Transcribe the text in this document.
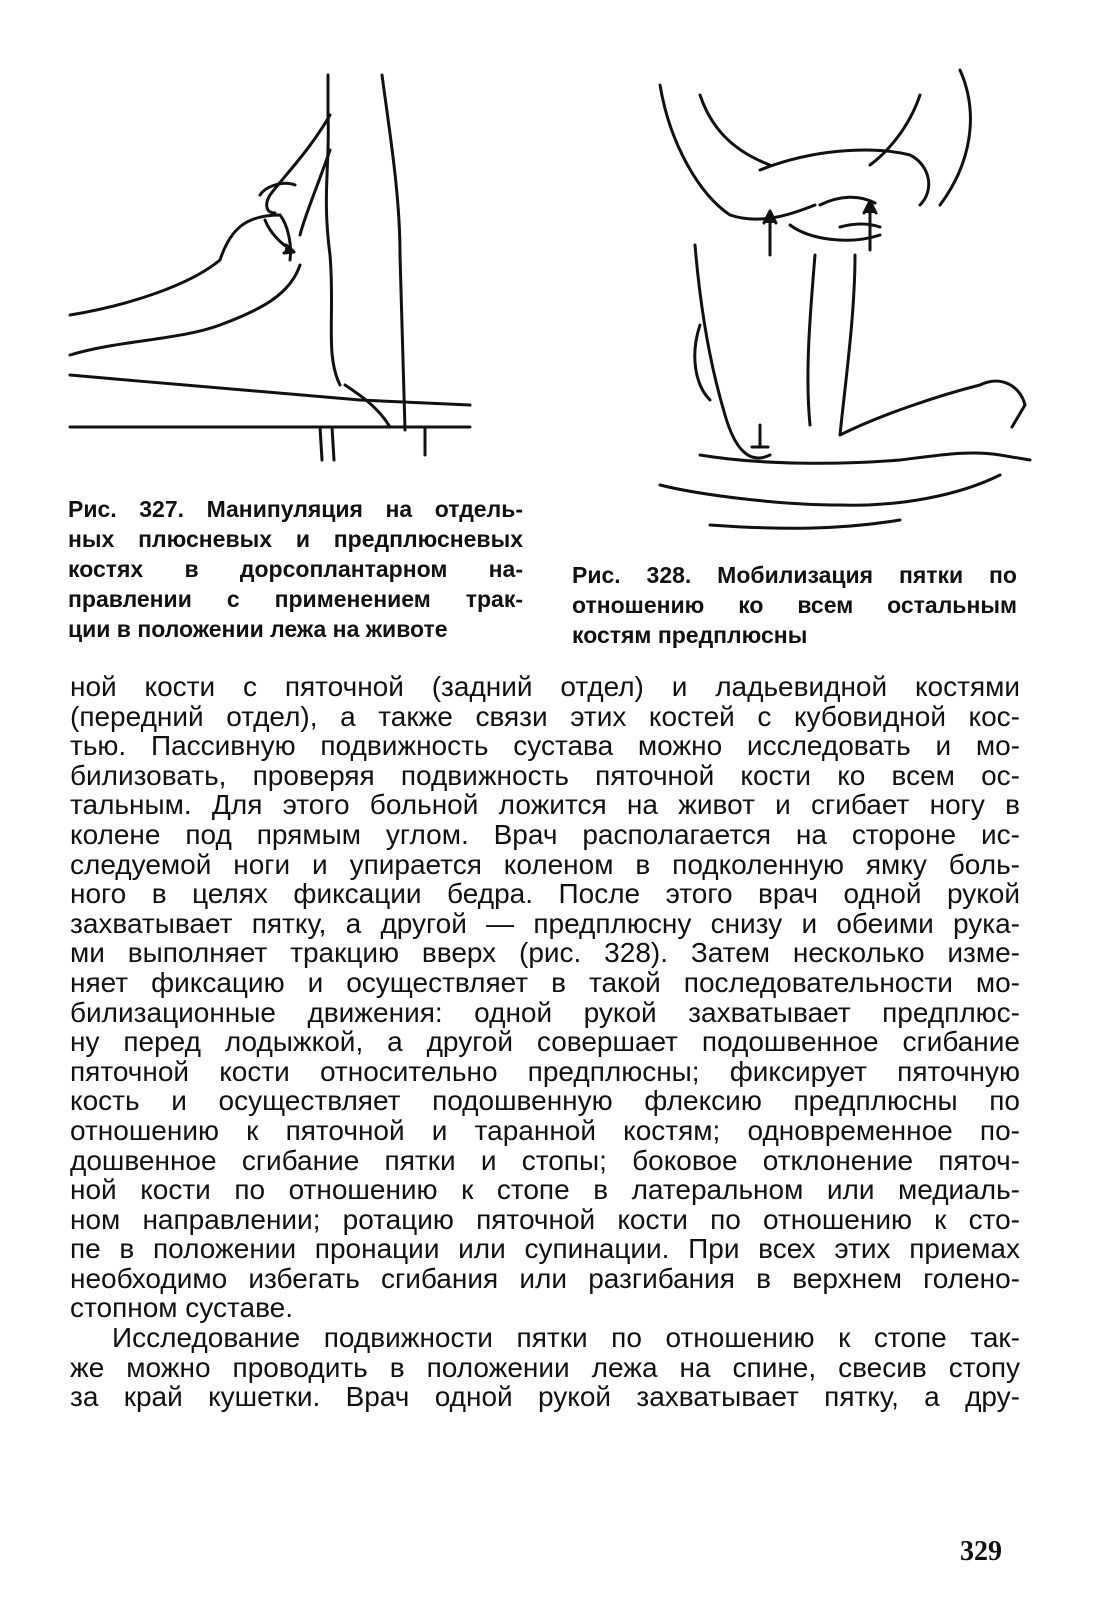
Рис. 327. Манипуляция на отдель-
ных плюсневых и предплюсневых
костях в дорсоплантарном на-
правлении с применением трак-
ции в положении лежа на животе
Рис. 328. Мобилизация пятки по
отношению ко всем остальным
костям предплюсны
ной кости с пяточной (задний отдел) и ладьевидной костями
(передний отдел), а также связи этих костей с кубовидной кос-
тью. Пассивную подвижность сустава можно исследовать и мо-
билизовать, проверяя подвижность пяточной кости ко всем ос-
тальным. Для этого больной ложится на живот и сгибает ногу в
колене под прямым углом. Врач располагается на стороне ис-
следуемой ноги и упирается коленом в подколенную ямку боль-
ного в целях фиксации бедра. После этого врач одной рукой
захватывает пятку, а другой — предплюсну снизу и обеими рука-
ми выполняет тракцию вверх (рис. 328). Затем несколько изме-
няет фиксацию и осуществляет в такой последовательности мо-
билизационные движения: одной рукой захватывает предплюс-
ну перед лодыжкой, а другой совершает подошвенное сгибание
пяточной кости относительно предплюсны; фиксирует пяточную
кость и осуществляет подошвенную флексию предплюсны по
отношению к пяточной и таранной костям; одновременное по-
дошвенное сгибание пятки и стопы; боковое отклонение пяточ-
ной кости по отношению к стопе в латеральном или медиаль-
ном направлении; ротацию пяточной кости по отношению к сто-
пе в положении пронации или супинации. При всех этих приемах
необходимо избегать сгибания или разгибания в верхнем голено-
стопном суставе.
Исследование подвижности пятки по отношению к стопе так-
же можно проводить в положении лежа на спине, свесив стопу
за край кушетки. Врач одной рукой захватывает пятку, а дру-
329
